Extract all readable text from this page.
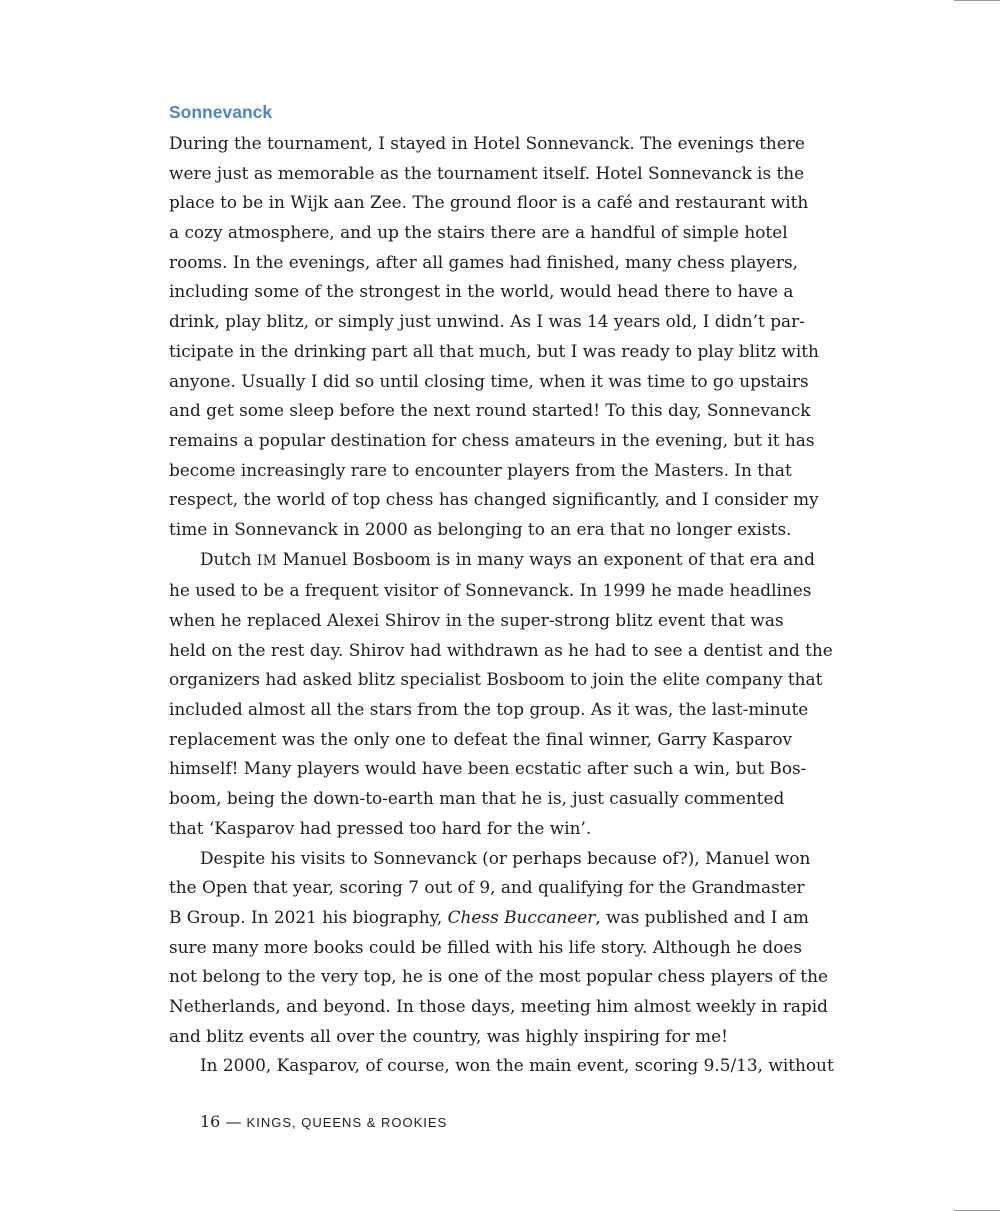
Sonnevanck
During the tournament, I stayed in Hotel Sonnevanck. The evenings there
were just as memorable as the tournament itself. Hotel Sonnevanck is the
place to be in Wijk aan Zee. The ground floor is a café and restaurant with
a cozy atmosphere, and up the stairs there are a handful of simple hotel
rooms. In the evenings, after all games had finished, many chess players,
including some of the strongest in the world, would head there to have a
drink, play blitz, or simply just unwind. As I was 14 years old, I didn’t par-
ticipate in the drinking part all that much, but I was ready to play blitz with
anyone. Usually I did so until closing time, when it was time to go upstairs
and get some sleep before the next round started! To this day, Sonnevanck
remains a popular destination for chess amateurs in the evening, but it has
become increasingly rare to encounter players from the Masters. In that
respect, the world of top chess has changed significantly, and I consider my
time in Sonnevanck in 2000 as belonging to an era that no longer exists.
Dutch IM Manuel Bosboom is in many ways an exponent of that era and
he used to be a frequent visitor of Sonnevanck. In 1999 he made headlines
when he replaced Alexei Shirov in the super-strong blitz event that was
held on the rest day. Shirov had withdrawn as he had to see a dentist and the
organizers had asked blitz specialist Bosboom to join the elite company that
included almost all the stars from the top group. As it was, the last-minute
replacement was the only one to defeat the final winner, Garry Kasparov
himself! Many players would have been ecstatic after such a win, but Bos-
boom, being the down-to-earth man that he is, just casually commented
that ‘Kasparov had pressed too hard for the win’.
Despite his visits to Sonnevanck (or perhaps because of?), Manuel won
the Open that year, scoring 7 out of 9, and qualifying for the Grandmaster
B Group. In 2021 his biography, Chess Buccaneer, was published and I am
sure many more books could be filled with his life story. Although he does
not belong to the very top, he is one of the most popular chess players of the
Netherlands, and beyond. In those days, meeting him almost weekly in rapid
and blitz events all over the country, was highly inspiring for me!
In 2000, Kasparov, of course, won the main event, scoring 9.5/13, without
16 — KINGS, QUEENS & ROOKIES
